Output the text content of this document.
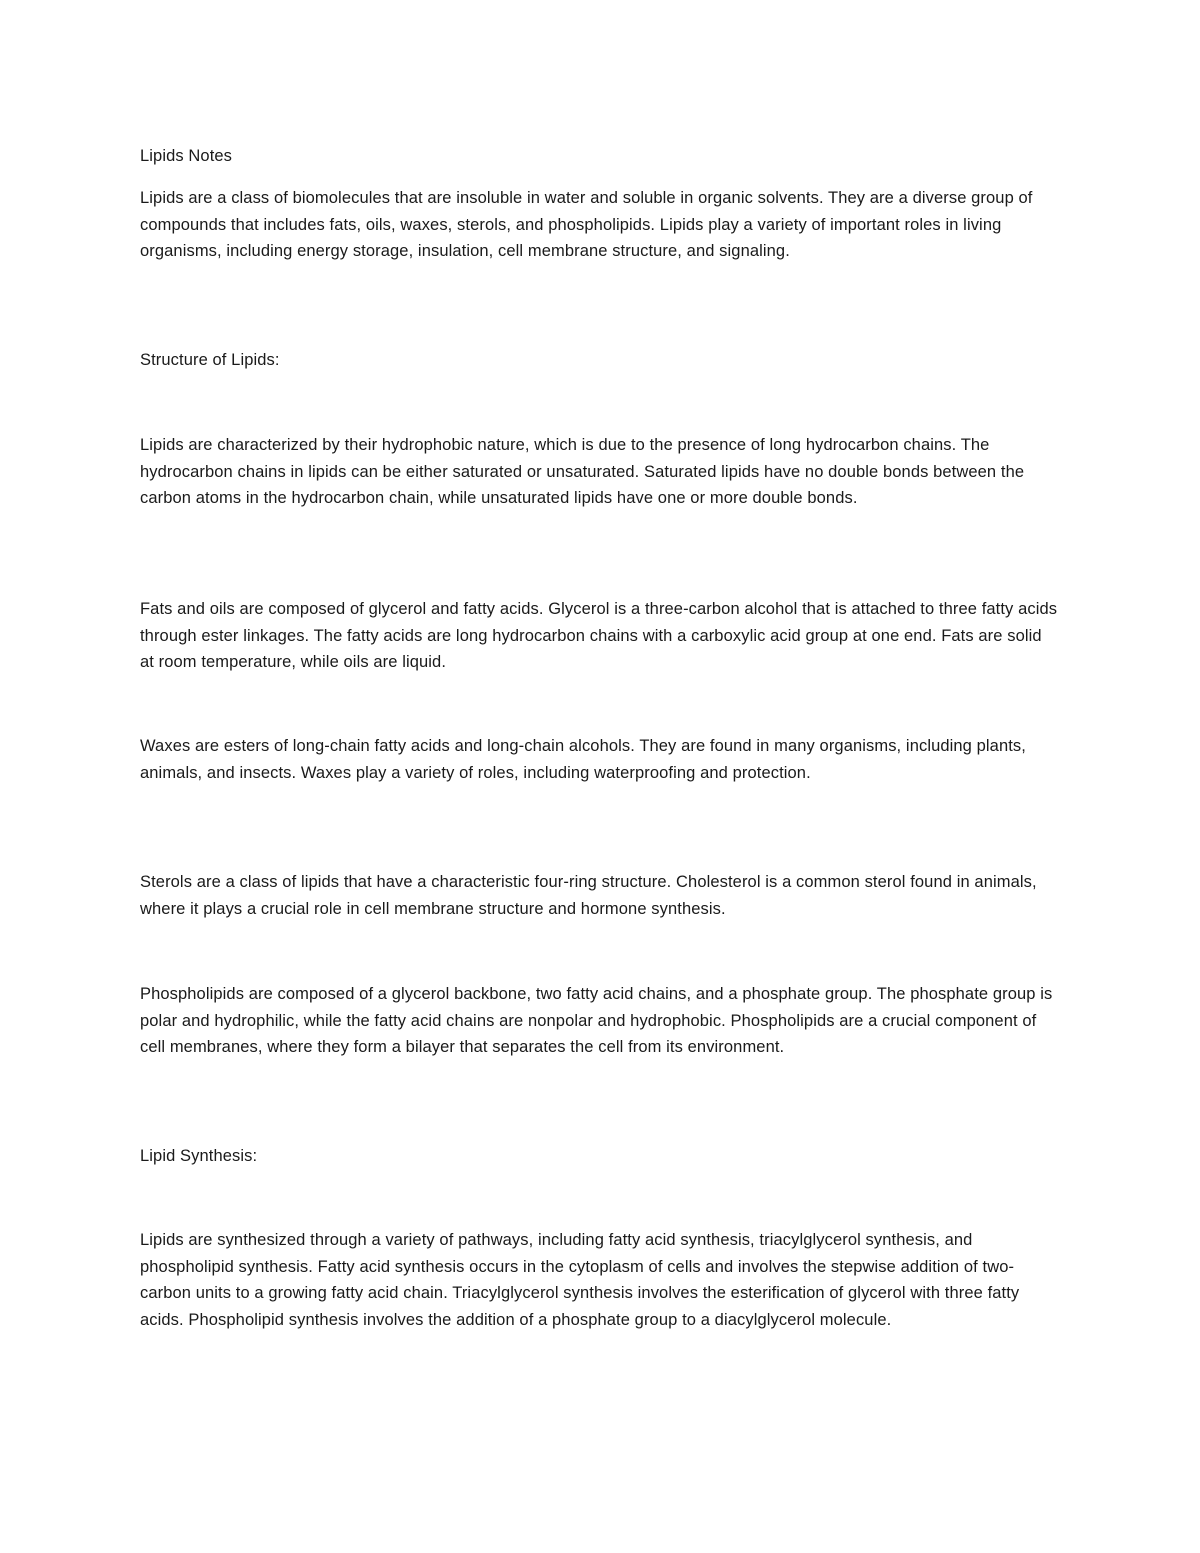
Lipids Notes

Lipids are a class of biomolecules that are insoluble in water and soluble in organic solvents. They are a diverse group of compounds that includes fats, oils, waxes, sterols, and phospholipids. Lipids play a variety of important roles in living organisms, including energy storage, insulation, cell membrane structure, and signaling.

Structure of Lipids:

Lipids are characterized by their hydrophobic nature, which is due to the presence of long hydrocarbon chains. The hydrocarbon chains in lipids can be either saturated or unsaturated. Saturated lipids have no double bonds between the carbon atoms in the hydrocarbon chain, while unsaturated lipids have one or more double bonds.

Fats and oils are composed of glycerol and fatty acids. Glycerol is a three-carbon alcohol that is attached to three fatty acids through ester linkages. The fatty acids are long hydrocarbon chains with a carboxylic acid group at one end. Fats are solid at room temperature, while oils are liquid.

Waxes are esters of long-chain fatty acids and long-chain alcohols. They are found in many organisms, including plants, animals, and insects. Waxes play a variety of roles, including waterproofing and protection.

Sterols are a class of lipids that have a characteristic four-ring structure. Cholesterol is a common sterol found in animals, where it plays a crucial role in cell membrane structure and hormone synthesis.

Phospholipids are composed of a glycerol backbone, two fatty acid chains, and a phosphate group. The phosphate group is polar and hydrophilic, while the fatty acid chains are nonpolar and hydrophobic. Phospholipids are a crucial component of cell membranes, where they form a bilayer that separates the cell from its environment.

Lipid Synthesis:

Lipids are synthesized through a variety of pathways, including fatty acid synthesis, triacylglycerol synthesis, and phospholipid synthesis. Fatty acid synthesis occurs in the cytoplasm of cells and involves the stepwise addition of two-carbon units to a growing fatty acid chain. Triacylglycerol synthesis involves the esterification of glycerol with three fatty acids. Phospholipid synthesis involves the addition of a phosphate group to a diacylglycerol molecule.
